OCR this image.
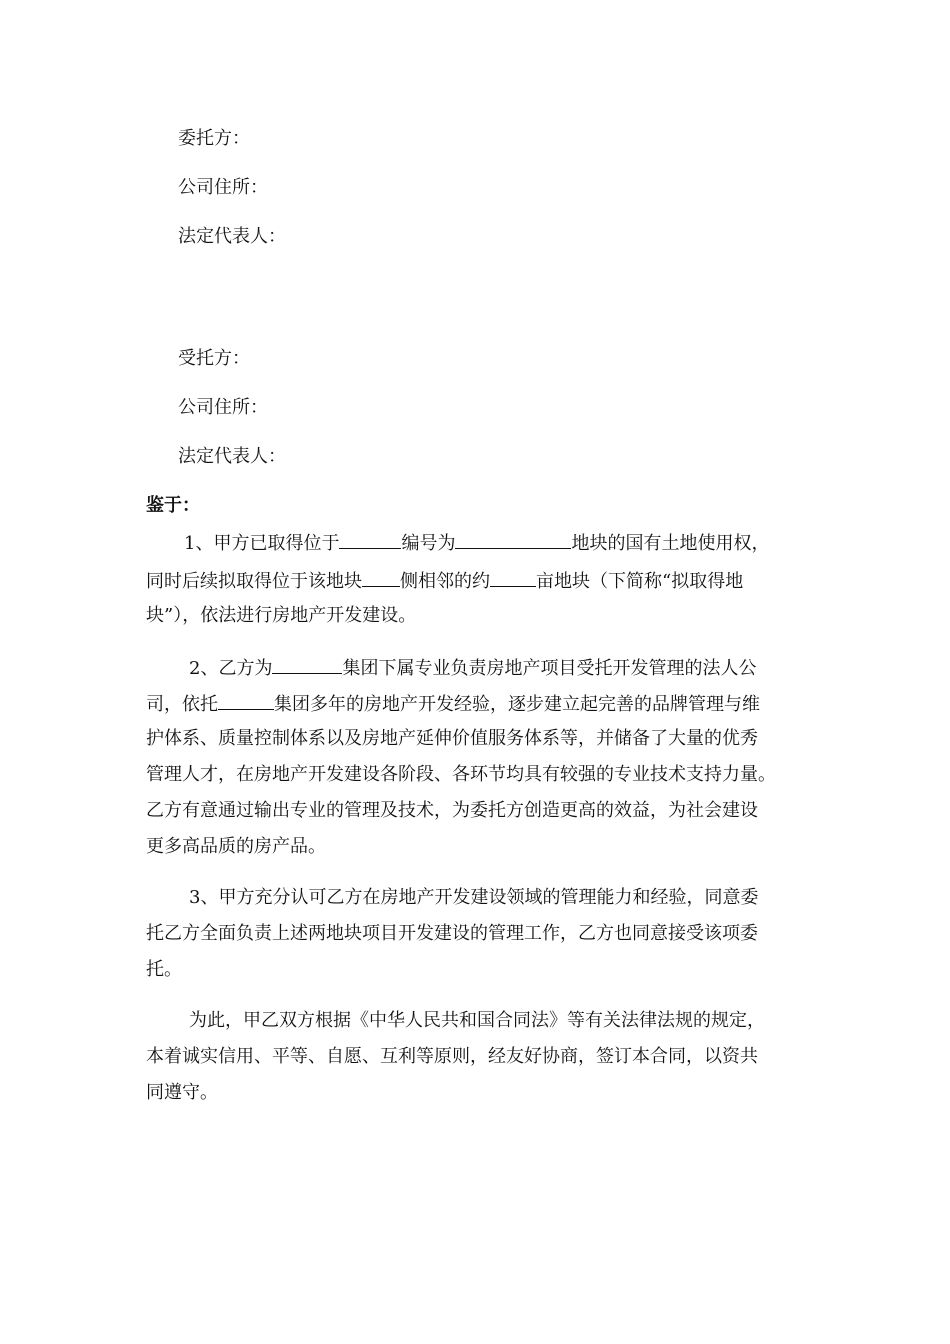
委托方：
公司住所：
法定代表人：
受托方：
公司住所：
法定代表人：
鉴于：
1、甲方已取得位于	编号为	地块的国有土地使用权，
同时后续拟取得位于该地块 侧相邻的约	亩地块（下简称“拟取得地
块”），依法进行房地产开发建设。
2、乙方为	集团下属专业负责房地产项目受托开发管理的法人公
司，依托	集团多年的房地产开发经验，逐步建立起完善的品牌管理与维
护体系、质量控制体系以及房地产延伸价值服务体系等，并储备了大量的优秀
管理人才，在房地产开发建设各阶段、各环节均具有较强的专业技术支持力量。
乙方有意通过输出专业的管理及技术，为委托方创造更高的效益，为社会建设
更多高品质的房产品。
3、甲方充分认可乙方在房地产开发建设领域的管理能力和经验，同意委
托乙方全面负责上述两地块项目开发建设的管理工作，乙方也同意接受该项委
托。
为此，甲乙双方根据《中华人民共和国合同法》等有关法律法规的规定，
本着诚实信用、平等、自愿、互利等原则，经友好协商，签订本合同，以资共
同遵守。
